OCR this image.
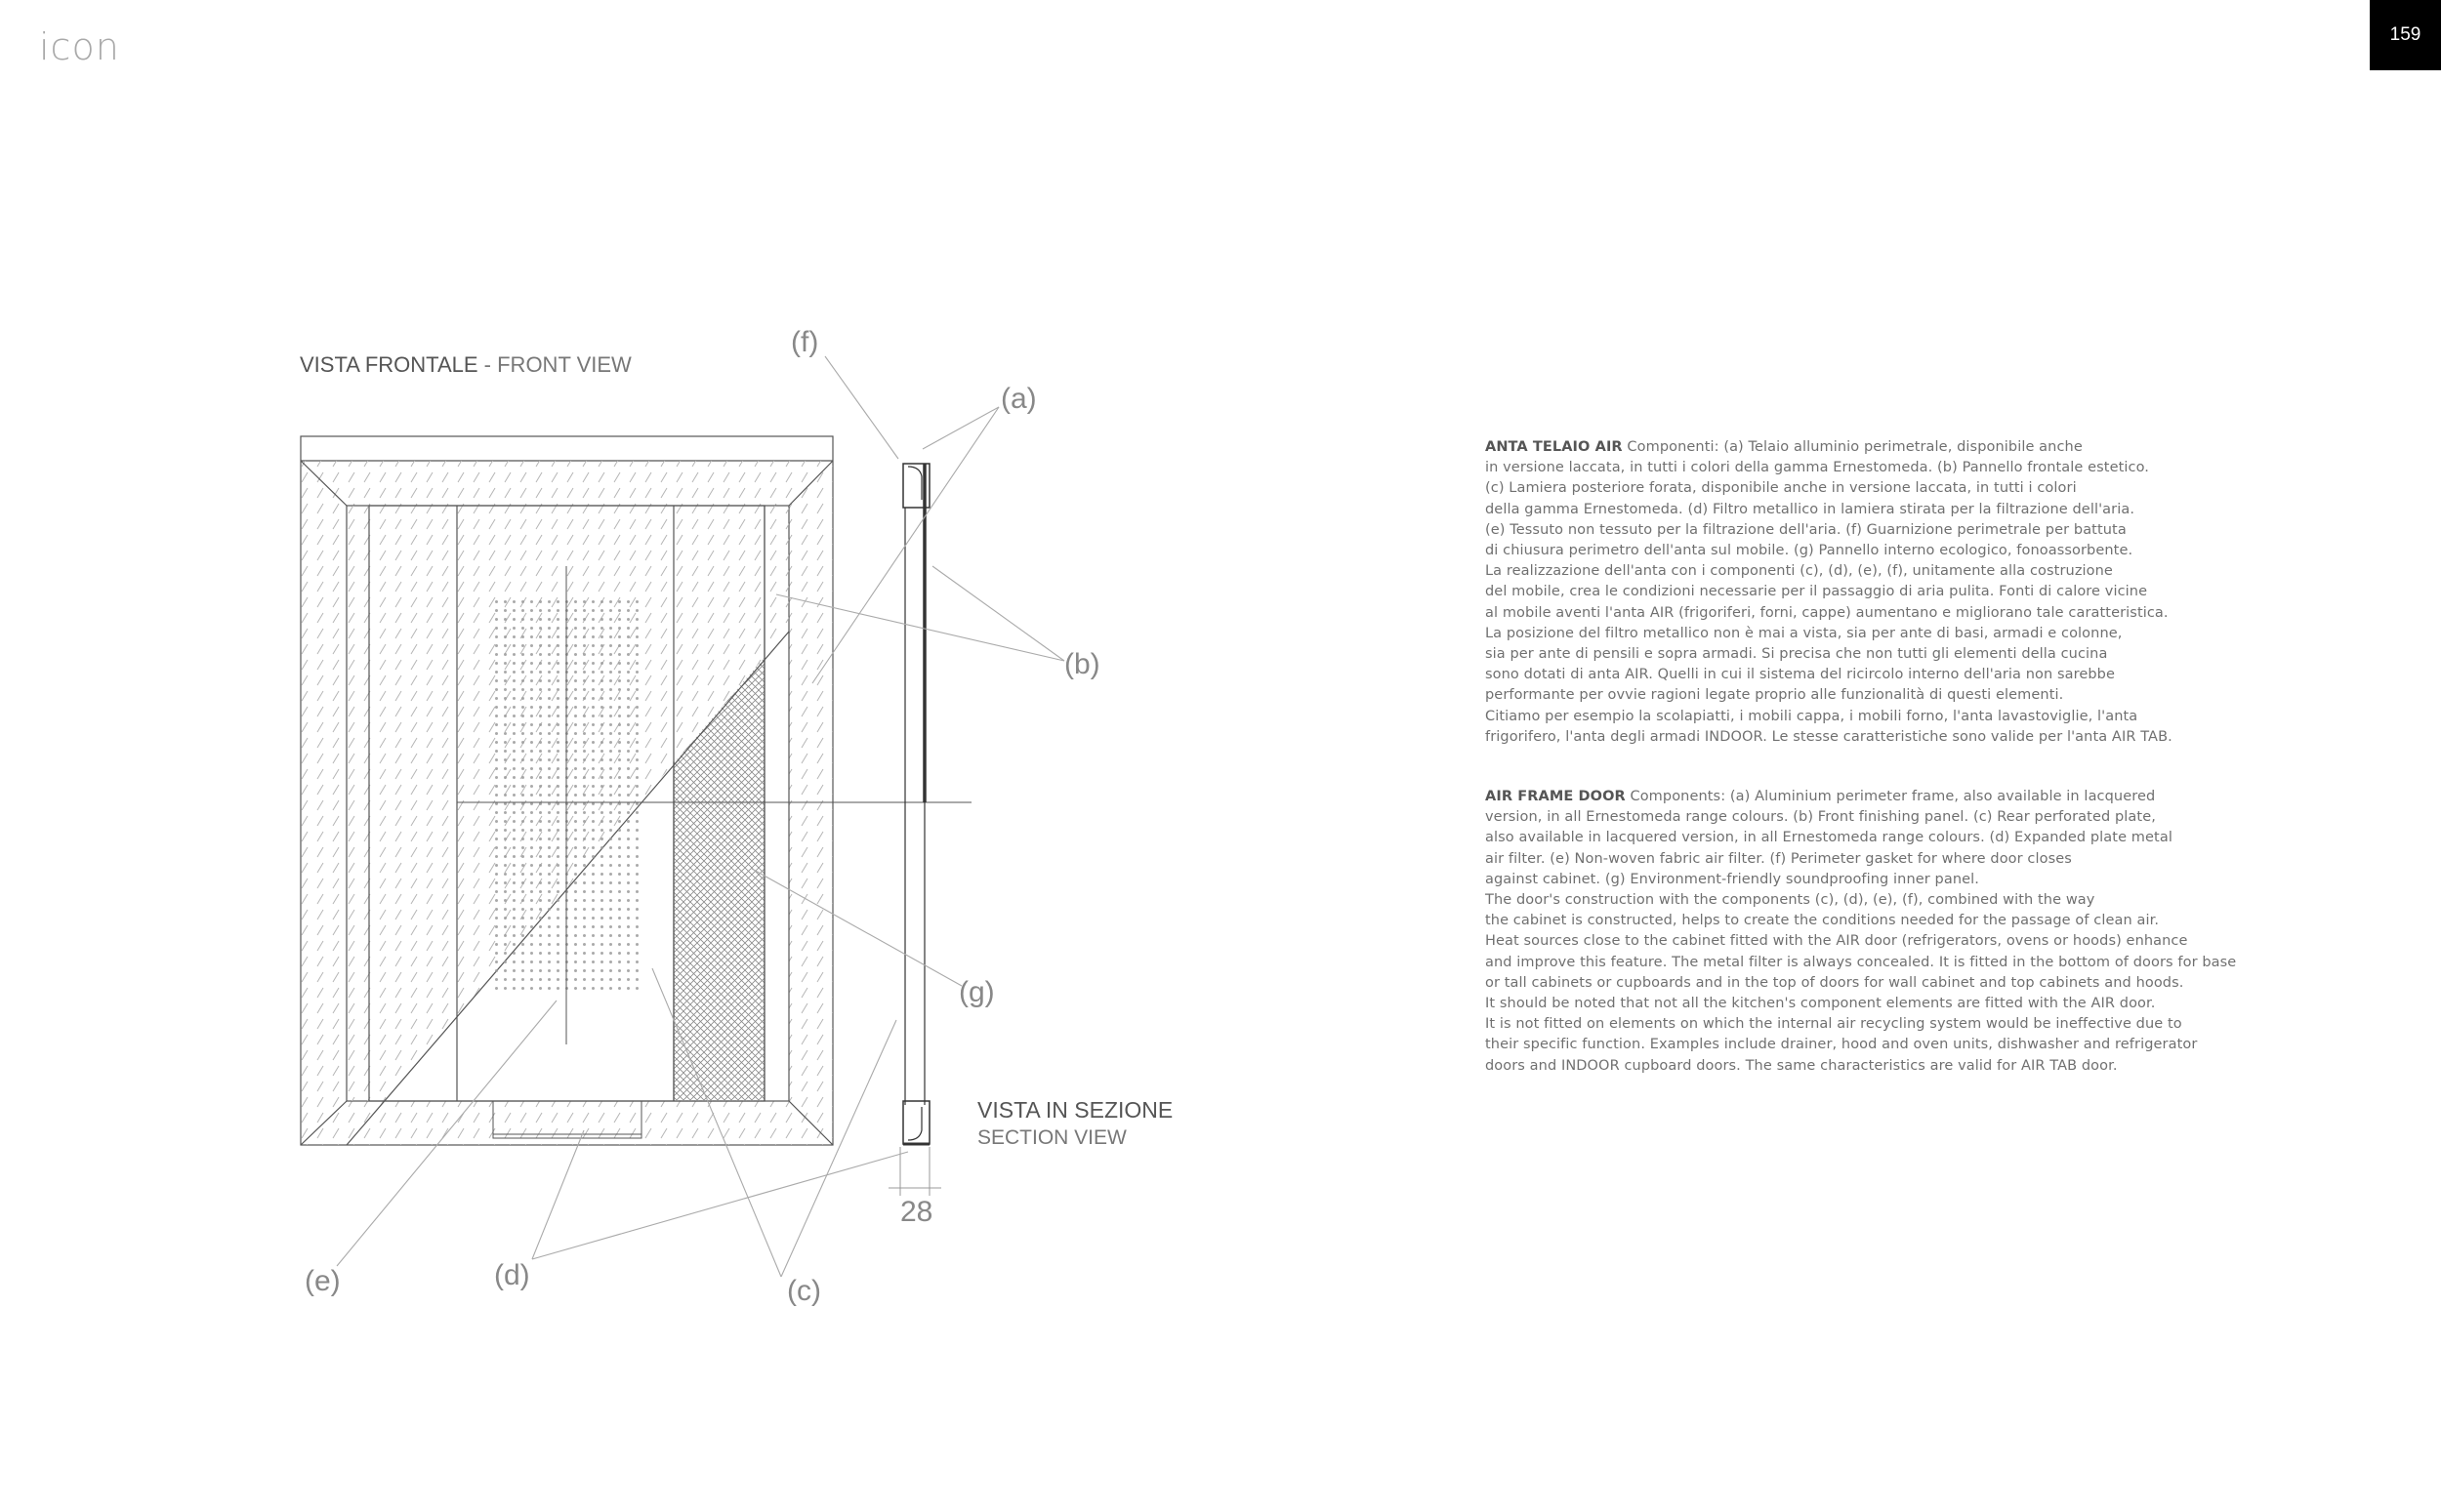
icon	159
VISTA FRONTALE - FRONT VIEW
VISTA IN SEZIONE
SECTION VIEW
28
(f)
(a)
(b)
(g)
(e)	(d)	(c)

ANTA TELAIO AIR Componenti: (a) Telaio alluminio perimetrale, disponibile anche

in versione laccata, in tutti i colori della gamma Ernestomeda. (b) Pannello frontale estetico.

(c) Lamiera posteriore forata, disponibile anche in versione laccata, in tutti i colori

della gamma Ernestomeda. (d) Filtro metallico in lamiera stirata per la filtrazione dell'aria.

(e) Tessuto non tessuto per la filtrazione dell'aria. (f) Guarnizione perimetrale per battuta

di chiusura perimetro dell'anta sul mobile. (g) Pannello interno ecologico, fonoassorbente.

La realizzazione dell'anta con i componenti (c), (d), (e), (f), unitamente alla costruzione

del mobile, crea le condizioni necessarie per il passaggio di aria pulita. Fonti di calore vicine

al mobile aventi l'anta AIR (frigoriferi, forni, cappe) aumentano e migliorano tale caratteristica.

La posizione del filtro metallico non è mai a vista, sia per ante di basi, armadi e colonne,

sia per ante di pensili e sopra armadi. Si precisa che non tutti gli elementi della cucina

sono dotati di anta AIR. Quelli in cui il sistema del ricircolo interno dell'aria non sarebbe

performante per ovvie ragioni legate proprio alle funzionalità di questi elementi.

Citiamo per esempio la scolapiatti, i mobili cappa, i mobili forno, l'anta lavastoviglie, l'anta

frigorifero, l'anta degli armadi INDOOR. Le stesse caratteristiche sono valide per l'anta AIR TAB.

AIR FRAME DOOR Components: (a) Aluminium perimeter frame, also available in lacquered

version, in all Ernestomeda range colours. (b) Front finishing panel. (c) Rear perforated plate,

also available in lacquered version, in all Ernestomeda range colours. (d) Expanded plate metal

air filter. (e) Non-woven fabric air filter. (f) Perimeter gasket for where door closes

against cabinet. (g) Environment-friendly soundproofing inner panel.

The door's construction with the components (c), (d), (e), (f), combined with the way

the cabinet is constructed, helps to create the conditions needed for the passage of clean air.

Heat sources close to the cabinet fitted with the AIR door (refrigerators, ovens or hoods) enhance

and improve this feature. The metal filter is always concealed. It is fitted in the bottom of doors for base

or tall cabinets or cupboards and in the top of doors for wall cabinet and top cabinets and hoods.

It should be noted that not all the kitchen's component elements are fitted with the AIR door.

It is not fitted on elements on which the internal air recycling system would be ineffective due to

their specific function. Examples include drainer, hood and oven units, dishwasher and refrigerator

doors and INDOOR cupboard doors. The same characteristics are valid for AIR TAB door.
